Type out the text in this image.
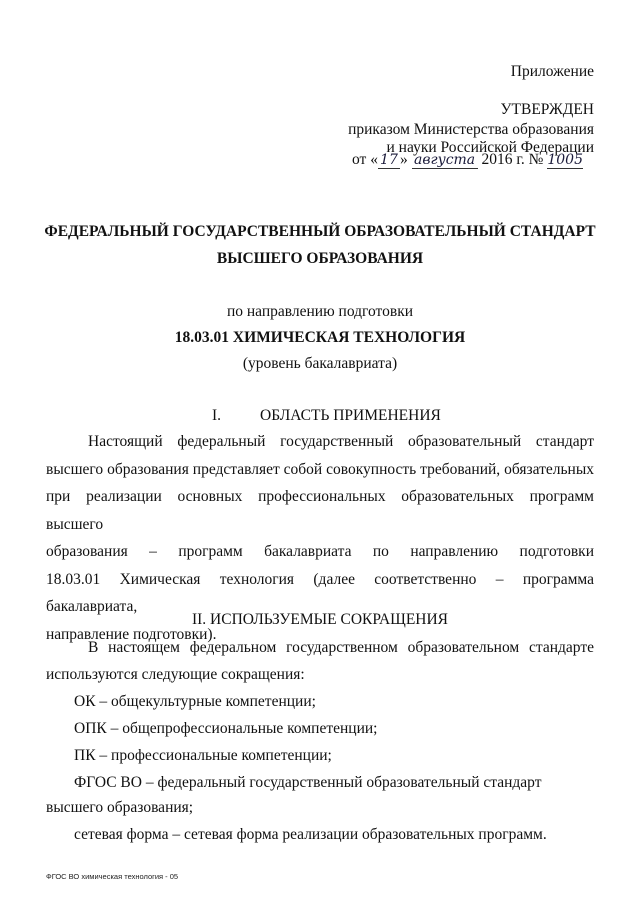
Приложение
УТВЕРЖДЕН
приказом Министерства образования
и науки Российской Федерации
от « 17 » августа 2016 г. № 1005
ФЕДЕРАЛЬНЫЙ ГОСУДАРСТВЕННЫЙ ОБРАЗОВАТЕЛЬНЫЙ СТАНДАРТ
ВЫСШЕГО ОБРАЗОВАНИЯ
по направлению подготовки
18.03.01 ХИМИЧЕСКАЯ ТЕХНОЛОГИЯ
(уровень бакалавриата)
I.	ОБЛАСТЬ ПРИМЕНЕНИЯ

Настоящий федеральный государственный образовательный стандарт

высшего образования представляет собой совокупность требований, обязательных

при реализации основных профессиональных образовательных программ высшего

образования – программ бакалавриата по направлению подготовки

18.03.01 Химическая технология (далее соответственно – программа бакалавриата,

направление подготовки).

II. ИСПОЛЬЗУЕМЫЕ СОКРАЩЕНИЯ

В настоящем федеральном государственном образовательном стандарте

используются следующие сокращения:

ОК – общекультурные компетенции;
ОПК – общепрофессиональные компетенции;
ПК – профессиональные компетенции;
ФГОС ВО – федеральный государственный образовательный стандарт
высшего образования;
сетевая форма – сетевая форма реализации образовательных программ.
ФГОС ВО химическая технология - 05
